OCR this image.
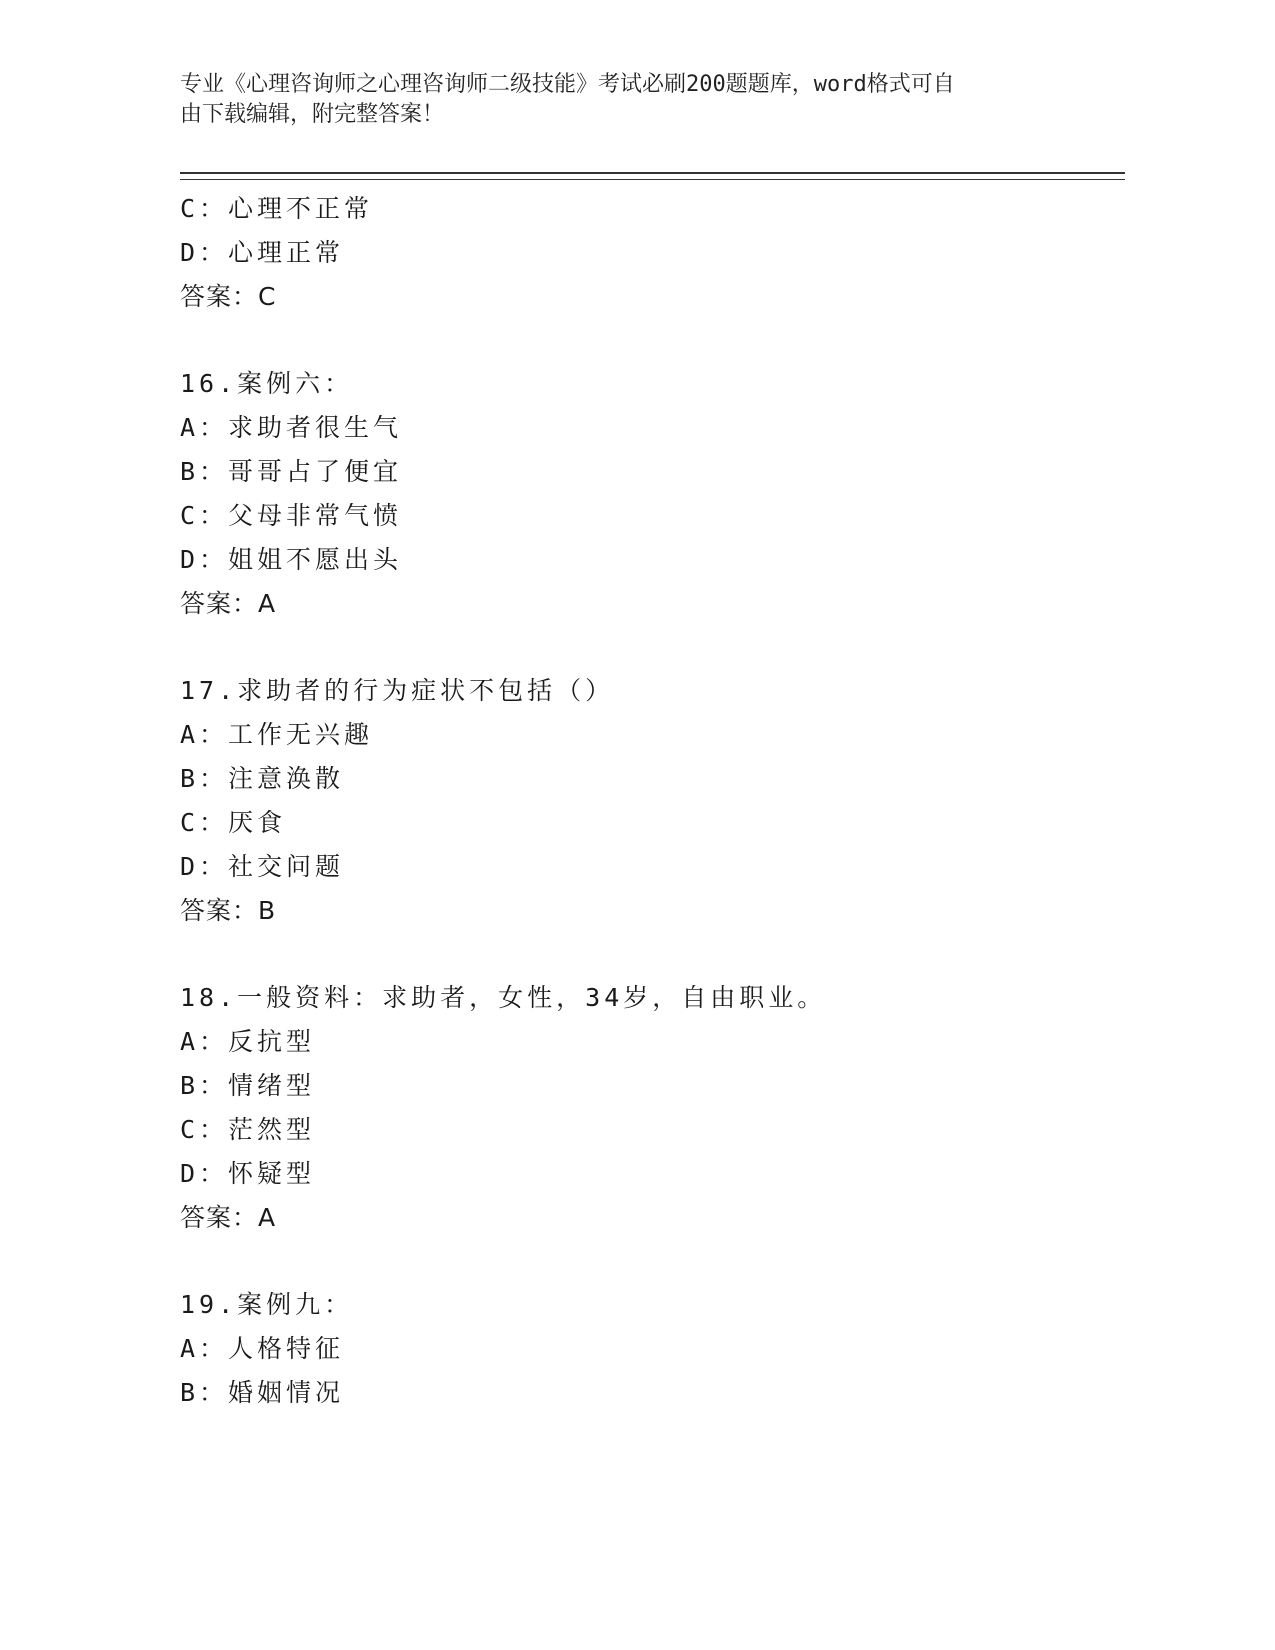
专业《心理咨询师之心理咨询师二级技能》考试必刷200题题库，word格式可自
由下载编辑，附完整答案！
C：心理不正常
D：心理正常
答案：C
16.案例六：
A：求助者很生气
B：哥哥占了便宜
C：父母非常气愤
D：姐姐不愿出头
答案：A
17.求助者的行为症状不包括（）
A：工作无兴趣
B：注意涣散
C：厌食
D：社交问题
答案：B
18.一般资料：求助者，女性，34岁，自由职业。
A：反抗型
B：情绪型
C：茫然型
D：怀疑型
答案：A
19.案例九：
A：人格特征
B：婚姻情况
